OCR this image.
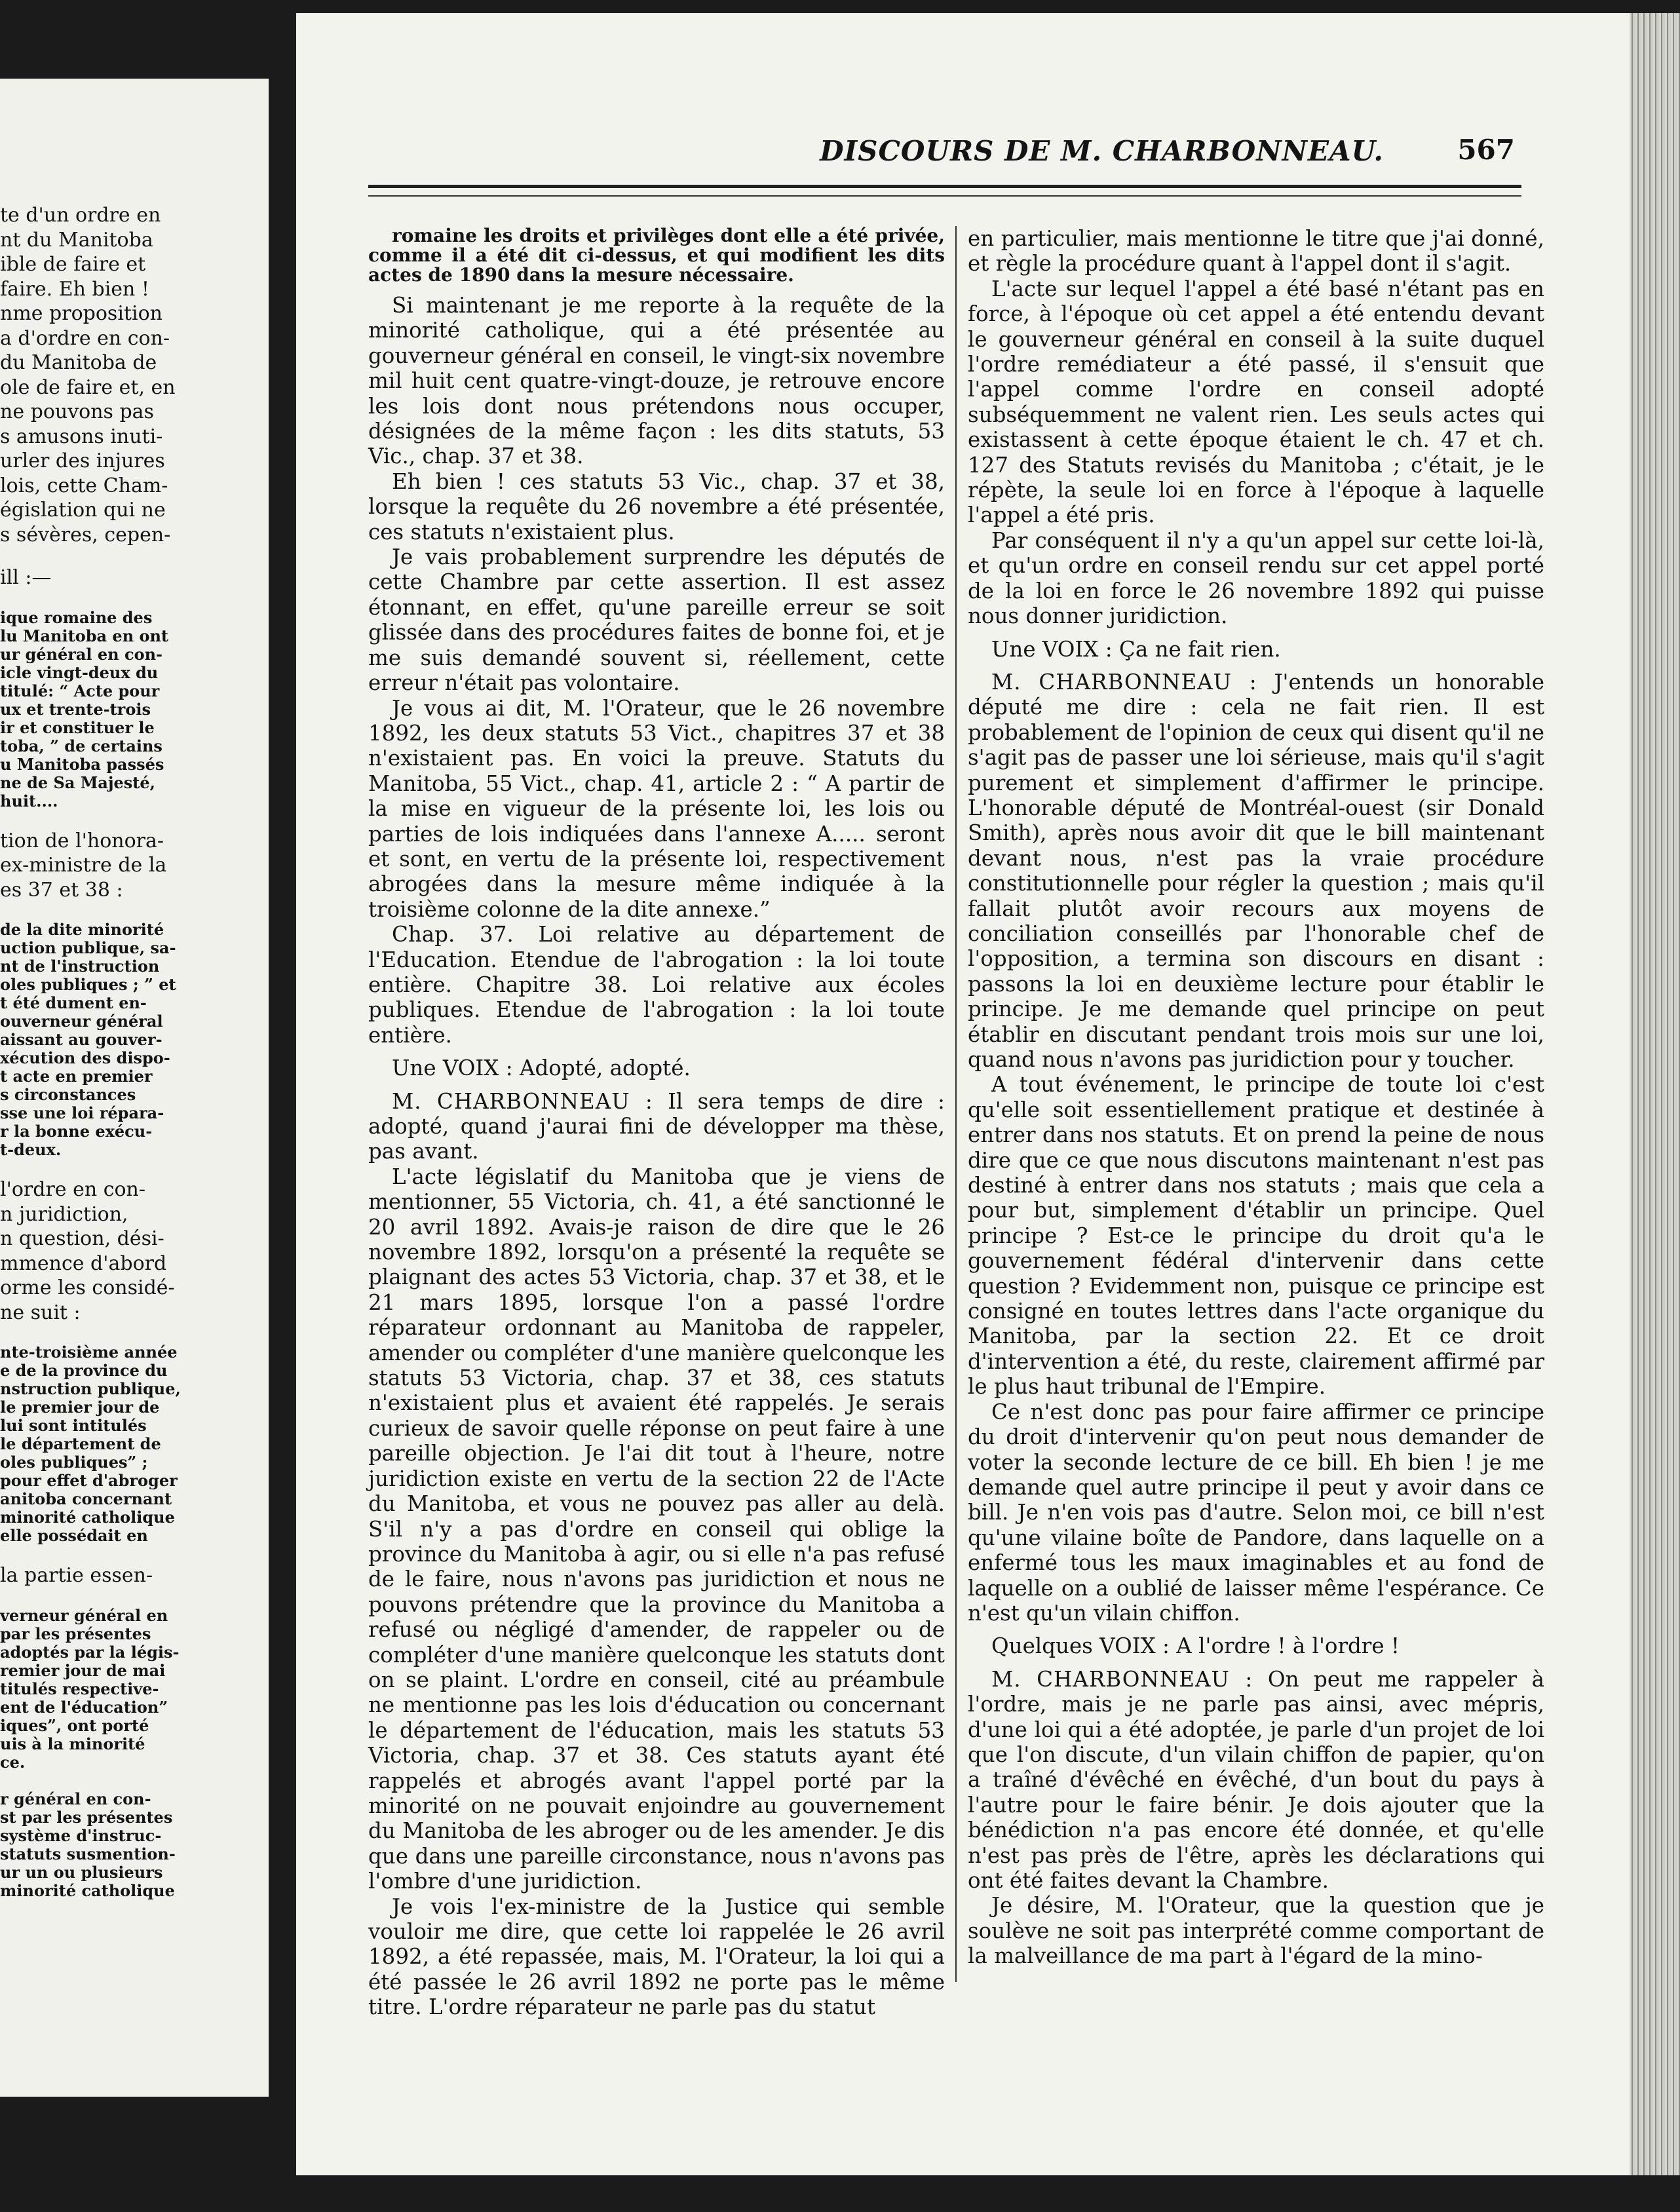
te d'un ordre en
nt du Manitoba
ible de faire et
faire. Eh bien !
nme proposition
a d'ordre en con-
du Manitoba de
ole de faire et, en
ne pouvons pas
s amusons inuti-
urler des injures
lois, cette Cham-
égislation qui ne
s sévères, cepen-
ill :—
ique romaine des
lu Manitoba en ont
ur général en con-
icle vingt-deux du
titulé: “ Acte pour
ux et trente-trois
ir et constituer le
toba, ” de certains
u Manitoba passés
ne de Sa Majesté,
huit....
tion de l'honora-
ex-ministre de la
es 37 et 38 :
de la dite minorité
uction publique, sa-
nt de l'instruction
oles publiques ; ” et
t été dument en-
ouverneur général
aissant au gouver-
xécution des dispo-
t acte en premier
s circonstances
sse une loi répara-
r la bonne exécu-
t-deux.
l'ordre en con-
n juridiction,
n question, dési-
mmence d'abord
orme les considé-
ne suit :
nte-troisième année
e de la province du
nstruction publique,
le premier jour de
lui sont intitulés
le département de
oles publiques” ;
pour effet d'abroger
anitoba concernant
minorité catholique
elle possédait en
la partie essen-
verneur général en
par les présentes
adoptés par la légis-
remier jour de mai
titulés respective-
ent de l'éducation”
iques”, ont porté
uis à la minorité
ce.
r général en con-
st par les présentes
système d'instruc-
statuts susmention-
ur un ou plusieurs
minorité catholique
DISCOURS DE M. CHARBONNEAU.	567

romaine les droits et privilèges dont elle a été privée, comme il a été dit ci-dessus, et qui modifient les dits actes de 1890 dans la mesure nécessaire.

Si maintenant je me reporte à la requête de la minorité catholique, qui a été présentée au gouverneur général en conseil, le vingt-six novembre mil huit cent quatre-vingt-douze, je retrouve encore les lois dont nous prétendons nous occuper, désignées de la même façon : les dits statuts, 53 Vic., chap. 37 et 38.

Eh bien ! ces statuts 53 Vic., chap. 37 et 38, lorsque la requête du 26 novembre a été présentée, ces statuts n'existaient plus.

Je vais probablement surprendre les députés de cette Chambre par cette assertion. Il est assez étonnant, en effet, qu'une pareille erreur se soit glissée dans des procédures faites de bonne foi, et je me suis demandé souvent si, réellement, cette erreur n'était pas volontaire.

Je vous ai dit, M. l'Orateur, que le 26 novembre 1892, les deux statuts 53 Vict., chapitres 37 et 38 n'existaient pas. En voici la preuve. Statuts du Manitoba, 55 Vict., chap. 41, article 2 : “ A partir de la mise en vigueur de la présente loi, les lois ou parties de lois indiquées dans l'annexe A..... seront et sont, en vertu de la présente loi, respectivement abrogées dans la mesure même indiquée à la troisième colonne de la dite annexe.”

Chap. 37. Loi relative au département de l'Education. Etendue de l'abrogation : la loi toute entière. Chapitre 38. Loi relative aux écoles publiques. Etendue de l'abrogation : la loi toute entière.

Une VOIX : Adopté, adopté.

M. CHARBONNEAU : Il sera temps de dire : adopté, quand j'aurai fini de développer ma thèse, pas avant.

L'acte législatif du Manitoba que je viens de mentionner, 55 Victoria, ch. 41, a été sanctionné le 20 avril 1892. Avais-je raison de dire que le 26 novembre 1892, lorsqu'on a présenté la requête se plaignant des actes 53 Victoria, chap. 37 et 38, et le 21 mars 1895, lorsque l'on a passé l'ordre réparateur ordonnant au Manitoba de rappeler, amender ou compléter d'une manière quelconque les statuts 53 Victoria, chap. 37 et 38, ces statuts n'existaient plus et avaient été rappelés. Je serais curieux de savoir quelle réponse on peut faire à une pareille objection. Je l'ai dit tout à l'heure, notre juridiction existe en vertu de la section 22 de l'Acte du Manitoba, et vous ne pouvez pas aller au delà. S'il n'y a pas d'ordre en conseil qui oblige la province du Manitoba à agir, ou si elle n'a pas refusé de le faire, nous n'avons pas juridiction et nous ne pouvons prétendre que la province du Manitoba a refusé ou négligé d'amender, de rappeler ou de compléter d'une manière quelconque les statuts dont on se plaint. L'ordre en conseil, cité au préambule ne mentionne pas les lois d'éducation ou concernant le département de l'éducation, mais les statuts 53 Victoria, chap. 37 et 38. Ces statuts ayant été rappelés et abrogés avant l'appel porté par la minorité on ne pouvait enjoindre au gouvernement du Manitoba de les abroger ou de les amender. Je dis que dans une pareille circonstance, nous n'avons pas l'ombre d'une juridiction.

Je vois l'ex-ministre de la Justice qui semble vouloir me dire, que cette loi rappelée le 26 avril 1892, a été repassée, mais, M. l'Orateur, la loi qui a été passée le 26 avril 1892 ne porte pas le même titre. L'ordre réparateur ne parle pas du statut

en particulier, mais mentionne le titre que j'ai donné, et règle la procédure quant à l'appel dont il s'agit.

L'acte sur lequel l'appel a été basé n'étant pas en force, à l'époque où cet appel a été entendu devant le gouverneur général en conseil à la suite duquel l'ordre remédiateur a été passé, il s'ensuit que l'appel comme l'ordre en conseil adopté subséquemment ne valent rien. Les seuls actes qui existassent à cette époque étaient le ch. 47 et ch. 127 des Statuts revisés du Manitoba ; c'était, je le répète, la seule loi en force à l'époque à laquelle l'appel a été pris.

Par conséquent il n'y a qu'un appel sur cette loi-là, et qu'un ordre en conseil rendu sur cet appel porté de la loi en force le 26 novembre 1892 qui puisse nous donner juridiction.

Une VOIX : Ça ne fait rien.

M. CHARBONNEAU : J'entends un honorable député me dire : cela ne fait rien. Il est probablement de l'opinion de ceux qui disent qu'il ne s'agit pas de passer une loi sérieuse, mais qu'il s'agit purement et simplement d'affirmer le principe. L'honorable député de Montréal-ouest (sir Donald Smith), après nous avoir dit que le bill maintenant devant nous, n'est pas la vraie procédure constitutionnelle pour régler la question ; mais qu'il fallait plutôt avoir recours aux moyens de conciliation conseillés par l'honorable chef de l'opposition, a termina son discours en disant : passons la loi en deuxième lecture pour établir le principe. Je me demande quel principe on peut établir en discutant pendant trois mois sur une loi, quand nous n'avons pas juridiction pour y toucher.

A tout événement, le principe de toute loi c'est qu'elle soit essentiellement pratique et destinée à entrer dans nos statuts. Et on prend la peine de nous dire que ce que nous discutons maintenant n'est pas destiné à entrer dans nos statuts ; mais que cela a pour but, simplement d'établir un principe. Quel principe ? Est-ce le principe du droit qu'a le gouvernement fédéral d'intervenir dans cette question ? Evidemment non, puisque ce principe est consigné en toutes lettres dans l'acte organique du Manitoba, par la section 22. Et ce droit d'intervention a été, du reste, clairement affirmé par le plus haut tribunal de l'Empire.

Ce n'est donc pas pour faire affirmer ce principe du droit d'intervenir qu'on peut nous demander de voter la seconde lecture de ce bill. Eh bien ! je me demande quel autre principe il peut y avoir dans ce bill. Je n'en vois pas d'autre. Selon moi, ce bill n'est qu'une vilaine boîte de Pandore, dans laquelle on a enfermé tous les maux imaginables et au fond de laquelle on a oublié de laisser même l'espérance. Ce n'est qu'un vilain chiffon.

Quelques VOIX : A l'ordre ! à l'ordre !

M. CHARBONNEAU : On peut me rappeler à l'ordre, mais je ne parle pas ainsi, avec mépris, d'une loi qui a été adoptée, je parle d'un projet de loi que l'on discute, d'un vilain chiffon de papier, qu'on a traîné d'évêché en évêché, d'un bout du pays à l'autre pour le faire bénir. Je dois ajouter que la bénédiction n'a pas encore été donnée, et qu'elle n'est pas près de l'être, après les déclarations qui ont été faites devant la Chambre.

Je désire, M. l'Orateur, que la question que je soulève ne soit pas interprété comme comportant de la malveillance de ma part à l'égard de la mino-
